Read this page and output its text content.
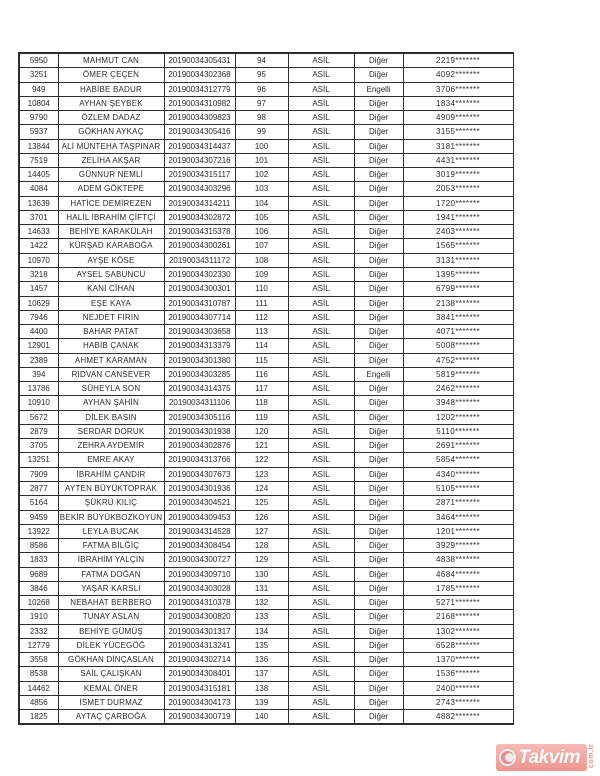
5950	MAHMUT CAN	20190034305431	94	ASİL	Diğer	2219*******
3251	ÖMER ÇEÇEN	20190034302368	95	ASİL	Diğer	4092*******
949	HABİBE BADUR	20190034312779	96	ASİL	Engelli	3706*******
10804	AYHAN ŞEYBEK	20190034310982	97	ASİL	Diğer	1834*******
9790	ÖZLEM DADAZ	20190034309823	98	ASİL	Diğer	4909*******
5937	GÖKHAN AYKAÇ	20190034305416	99	ASİL	Diğer	3155*******
13844	ALİ MÜNTEHA TAŞPINAR	20190034314437	100	ASİL	Diğer	3181*******
7519	ZELİHA AKŞAR	20190034307216	101	ASİL	Diğer	4431*******
14405	GÜNNUR NEMLİ	20190034315117	102	ASİL	Diğer	3019*******
4084	ADEM GÖKTEPE	20190034303296	103	ASİL	Diğer	2053*******
13639	HATİCE DEMİREZEN	20190034314211	104	ASİL	Diğer	1720*******
3701	HALİL İBRAHİM ÇİFTÇİ	20190034302872	105	ASİL	Diğer	1941*******
14633	BEHİYE KARAKÜLAH	20190034315378	106	ASİL	Diğer	2403*******
1422	KÜRŞAD KARABOĞA	20190034300261	107	ASİL	Diğer	1565*******
10970	AYŞE KÖSE	20190034311172	108	ASİL	Diğer	3131*******
3218	AYSEL SABUNCU	20190034302330	109	ASİL	Diğer	1395*******
1457	KANİ CİHAN	20190034300301	110	ASİL	Diğer	6799*******
10629	EŞE KAYA	20190034310787	111	ASİL	Diğer	2138*******
7946	NEJDET FIRIN	20190034307714	112	ASİL	Diğer	3841*******
4400	BAHAR PATAT	20190034303658	113	ASİL	Diğer	4071*******
12901	HABİB ÇANAK	20190034313379	114	ASİL	Diğer	5008*******
2389	AHMET KARAMAN	20190034301380	115	ASİL	Diğer	4752*******
394	RIDVAN CANSEVER	20190034303285	116	ASİL	Engelli	5819*******
13786	SÜHEYLA SON	20190034314375	117	ASİL	Diğer	2462*******
10910	AYHAN ŞAHİN	20190034311106	118	ASİL	Diğer	3948*******
5672	DİLEK BASIN	20190034305116	119	ASİL	Diğer	1202*******
2879	SERDAR DORUK	20190034301938	120	ASİL	Diğer	5110*******
3705	ZEHRA AYDEMİR	20190034302876	121	ASİL	Diğer	2691*******
13251	EMRE AKAY	20190034313766	122	ASİL	Diğer	5854*******
7909	İBRAHİM ÇANDIR	20190034307673	123	ASİL	Diğer	4340*******
2877	AYTEN BÜYÜKTOPRAK	20190034301936	124	ASİL	Diğer	5105*******
5164	ŞÜKRÜ KILIÇ	20190034304521	125	ASİL	Diğer	2871*******
9459	BEKİR BÜYÜKBOZKOYUN	20190034309453	126	ASİL	Diğer	3464*******
13922	LEYLA BUCAK	20190034314528	127	ASİL	Diğer	1201*******
8586	FATMA BİLĞİÇ	20190034308454	128	ASİL	Diğer	3929*******
1833	İBRAHİM YALÇIN	20190034300727	129	ASİL	Diğer	4838*******
9689	FATMA DOĞAN	20190034309710	130	ASİL	Diğer	4684*******
3846	YAŞAR KARSLI	20190034303028	131	ASİL	Diğer	1785*******
10268	NEBAHAT BERBERO	20190034310378	132	ASİL	Diğer	5271*******
1910	TUNAY ASLAN	20190034300820	133	ASİL	Diğer	2168*******
2332	BEHİYE GÜMÜŞ	20190034301317	134	ASİL	Diğer	1302*******
12779	DİLEK YÜCEGÖĞ	20190034313241	135	ASİL	Diğer	6528*******
3558	GÖKHAN DİNÇASLAN	20190034302714	136	ASİL	Diğer	1370*******
8538	SAİL ÇALIŞKAN	20190034308401	137	ASİL	Diğer	1536*******
14462	KEMAL ÖNER	20190034315181	138	ASİL	Diğer	2400*******
4856	İSMET DURMAZ	20190034304173	139	ASİL	Diğer	2743*******
1825	AYTAÇ ÇARBOĞA	20190034300719	140	ASİL	Diğer	4882*******
Takvim com.tr
